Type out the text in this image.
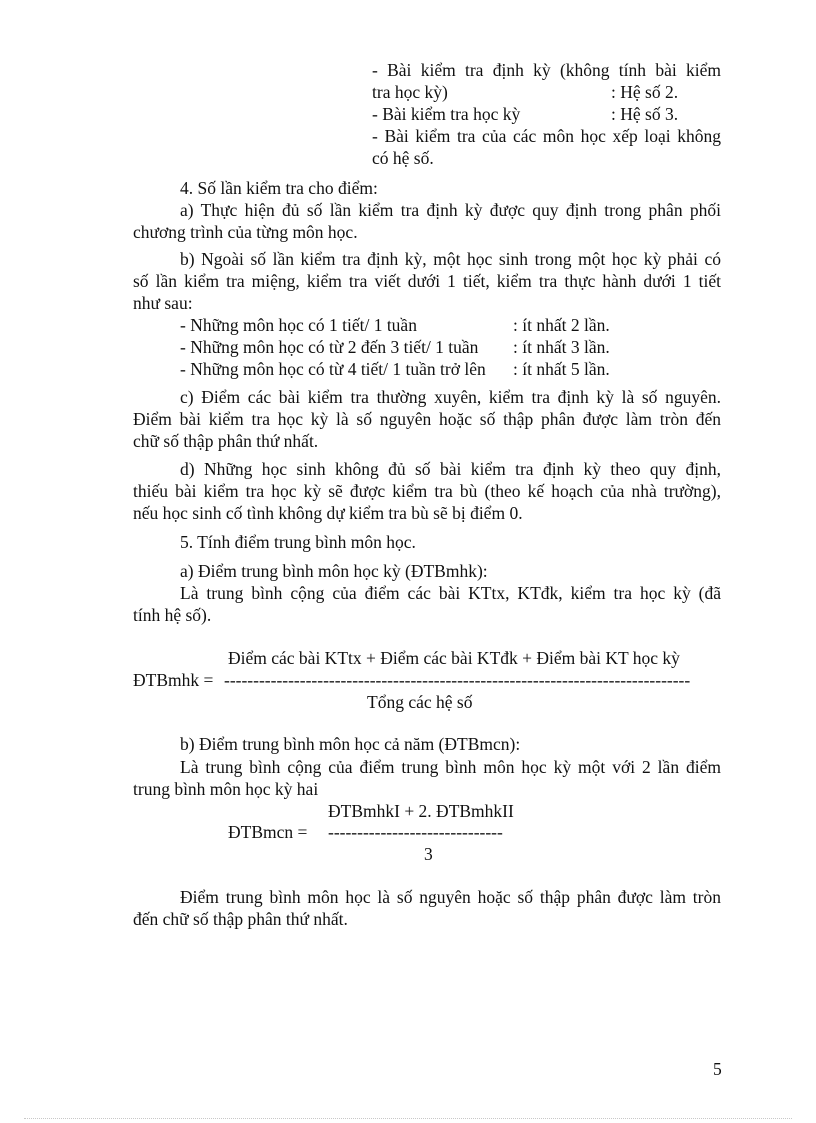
- Bài kiểm tra định kỳ (không tính bài kiểm
tra học kỳ)	: Hệ số 2.
- Bài kiểm tra học kỳ	: Hệ số 3.
- Bài kiểm tra của các môn học xếp loại không
có hệ số.
4. Số lần kiểm tra cho điểm:
a) Thực hiện đủ số lần kiểm tra định kỳ được quy định trong phân phối
chương trình của từng môn học.
b) Ngoài số lần kiểm tra định kỳ, một học sinh trong một học kỳ phải có
số lần kiểm tra miệng, kiểm tra viết dưới 1 tiết, kiểm tra thực hành dưới 1 tiết
như sau:
- Những môn học có 1 tiết/ 1 tuần	: ít nhất 2 lần.
- Những môn học có từ 2 đến 3 tiết/ 1 tuần : ít nhất 3 lần.
- Những môn học có từ 4 tiết/ 1 tuần trở lên : ít nhất 5 lần.
c) Điểm các bài kiểm tra thường xuyên, kiểm tra định kỳ là số nguyên.
Điểm bài kiểm tra học kỳ là số nguyên hoặc số thập phân được làm tròn đến
chữ số thập phân thứ nhất.
d) Những học sinh không đủ số bài kiểm tra định kỳ theo quy định,
thiếu bài kiểm tra học kỳ sẽ được kiểm tra bù (theo kế hoạch của nhà trường),
nếu học sinh cố tình không dự kiểm tra bù sẽ bị điểm 0.
5. Tính điểm trung bình môn học.
a) Điểm trung bình môn học kỳ (ĐTBmhk):
Là trung bình cộng của điểm các bài KTtx, KTđk, kiểm tra học kỳ (đã
tính hệ số).
Điểm các bài KTtx + Điểm các bài KTđk + Điểm bài KT học kỳ
ĐTBmhk = --------------------------------------------------------------------------------
Tổng các hệ số
b) Điểm trung bình môn học cả năm (ĐTBmcn):
Là trung bình cộng của điểm trung bình môn học kỳ một với 2 lần điểm
trung bình môn học kỳ hai
ĐTBmhkI + 2. ĐTBmhkII
ĐTBmcn = ------------------------------
3
Điểm trung bình môn học là số nguyên hoặc số thập phân được làm tròn
đến chữ số thập phân thứ nhất.
5
